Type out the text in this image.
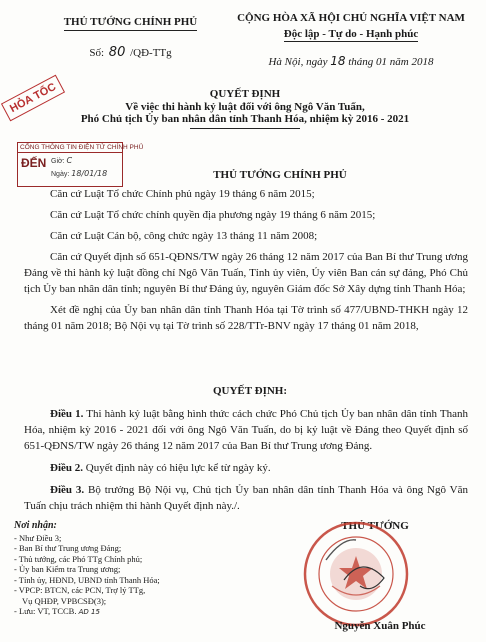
THỦ TƯỚNG CHÍNH PHỦ
Số: 80 /QĐ-TTg
CỘNG HÒA XÃ HỘI CHỦ NGHĨA VIỆT NAM
Độc lập - Tự do - Hạnh phúc
Hà Nội, ngày 18 tháng 01 năm 2018
QUYẾT ĐỊNH
Về việc thi hành kỷ luật đối với ông Ngô Văn Tuấn,
Phó Chủ tịch Ủy ban nhân dân tỉnh Thanh Hóa, nhiệm kỳ 2016 - 2021
HỎA TỐC
CỔNG THÔNG TIN ĐIỆN TỬ CHÍNH PHỦ
ĐẾN Giờ: C
Ngày: 18/01/18	THỦ TƯỚNG CHÍNH PHỦ

Căn cứ Luật Tổ chức Chính phủ ngày 19 tháng 6 năm 2015;

Căn cứ Luật Tổ chức chính quyền địa phương ngày 19 tháng 6 năm 2015;

Căn cứ Luật Cán bộ, công chức ngày 13 tháng 11 năm 2008;

Căn cứ Quyết định số 651-QĐNS/TW ngày 26 tháng 12 năm 2017 của Ban Bí thư Trung ương Đảng về thi hành kỷ luật đồng chí Ngô Văn Tuấn, Tỉnh ủy viên, Ủy viên Ban cán sự đảng, Phó Chủ tịch Ủy ban nhân dân tỉnh; nguyên Bí thư Đảng ủy, nguyên Giám đốc Sở Xây dựng tỉnh Thanh Hóa;

Xét đề nghị của Ủy ban nhân dân tỉnh Thanh Hóa tại Tờ trình số 477/UBND-THKH ngày 12 tháng 01 năm 2018; Bộ Nội vụ tại Tờ trình số 228/TTr-BNV ngày 17 tháng 01 năm 2018,

QUYẾT ĐỊNH:

Điều 1. Thi hành kỷ luật bằng hình thức cách chức Phó Chủ tịch Ủy ban nhân dân tỉnh Thanh Hóa, nhiệm kỳ 2016 - 2021 đối với ông Ngô Văn Tuấn, do bị kỷ luật về Đảng theo Quyết định số 651-QĐNS/TW ngày 26 tháng 12 năm 2017 của Ban Bí thư Trung ương Đảng.

Điều 2. Quyết định này có hiệu lực kể từ ngày ký.

Điều 3. Bộ trưởng Bộ Nội vụ, Chủ tịch Ủy ban nhân dân tỉnh Thanh Hóa và ông Ngô Văn Tuấn chịu trách nhiệm thi hành Quyết định này./.

Nơi nhận:
- Như Điều 3;
- Ban Bí thư Trung ương Đảng;
- Thủ tướng, các Phó TTg Chính phủ;
- Ủy ban Kiểm tra Trung ương;
- Tỉnh ủy, HĐND, UBND tỉnh Thanh Hóa;
- VPCP: BTCN, các PCN, Trợ lý TTg,
Vụ QHĐP, VPBCSĐ(3);
- Lưu: VT, TCCB. AD 15
THỦ TƯỚNG
Nguyễn Xuân Phúc
